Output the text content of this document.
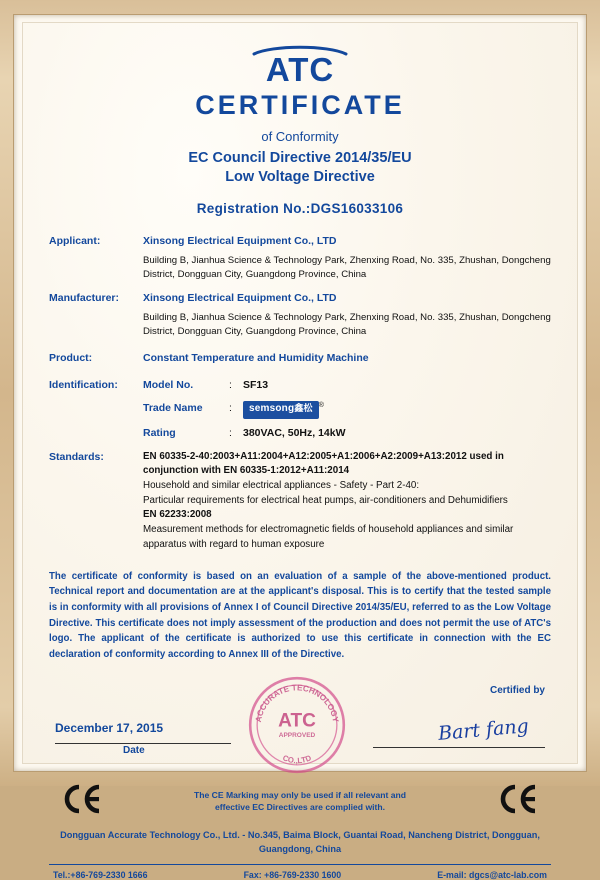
ATC
CERTIFICATE
of Conformity
EC Council Directive 2014/35/EU
Low Voltage Directive
Registration No.:DGS16033106
Applicant:	Xinsong Electrical Equipment Co., LTD
Building B, Jianhua Science & Technology Park, Zhenxing Road, No. 335, Zhushan, Dongcheng District, Dongguan City, Guangdong Province, China
Manufacturer:	Xinsong Electrical Equipment Co., LTD
Building B, Jianhua Science & Technology Park, Zhenxing Road, No. 335, Zhushan, Dongcheng District, Dongguan City, Guangdong Province, China
Product:	Constant Temperature and Humidity Machine
Identification:	Model No.	:	SF13
Trade Name	:	semsong鑫松 ®
Rating	:	380VAC, 50Hz, 14kW
Standards:	EN 60335-2-40:2003+A11:2004+A12:2005+A1:2006+A2:2009+A13:2012 used in conjunction with EN 60335-1:2012+A11:2014
Household and similar electrical appliances - Safety - Part 2-40:
Particular requirements for electrical heat pumps, air-conditioners and Dehumidifiers
EN 62233:2008
Measurement methods for electromagnetic fields of household appliances and similar apparatus with regard to human exposure
The certificate of conformity is based on an evaluation of a sample of the above-mentioned product. Technical report and documentation are at the applicant's disposal. This is to certify that the tested sample is in conformity with all provisions of Annex I of Council Directive 2014/35/EU, referred to as the Low Voltage Directive. This certificate does not imply assessment of the production and does not permit the use of ATC's logo. The applicant of the certificate is authorized to use this certificate in connection with the EC declaration of conformity according to Annex III of the Directive.
Certified by
Bart fang
December 17, 2015
Date
ACCURATE TECHNOLOGY
CO.,LTD
ATC
APPROVED
The CE Marking may only be used if all relevant and
effective EC Directives are complied with.
Dongguan Accurate Technology Co., Ltd. - No.345, Baima Block, Guantai Road, Nancheng District, Dongguan,
Guangdong, China
Tel.:+86-769-2330 1666	Fax: +86-769-2330 1600	E-mail: dgcs@atc-lab.com
